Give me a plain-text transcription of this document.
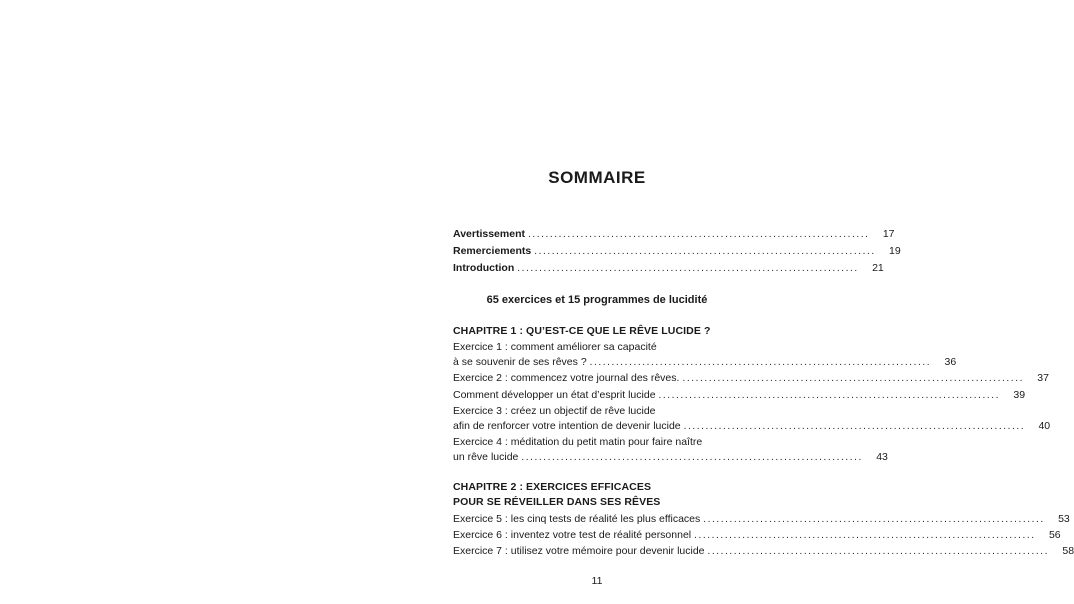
SOMMAIRE
Avertissement ..............................................................................	17
Remerciements ..............................................................................	19
Introduction ..............................................................................	21
65 exercices et 15 programmes de lucidité
CHAPITRE 1 : QU’EST-CE QUE LE RÊVE LUCIDE ?
Exercice 1 : comment améliorer sa capacité
à se souvenir de ses rêves ? ..............................................................................	36
Exercice 2 : commencez votre journal des rêves. ..............................................................................	37
Comment développer un état d’esprit lucide ..............................................................................	39
Exercice 3 : créez un objectif de rêve lucide
afin de renforcer votre intention de devenir lucide ..............................................................................	40
Exercice 4 : méditation du petit matin pour faire naître
un rêve lucide ..............................................................................	43
CHAPITRE 2 : EXERCICES EFFICACES
POUR SE RÉVEILLER DANS SES RÊVES
Exercice 5 : les cinq tests de réalité les plus efficaces ..............................................................................	53
Exercice 6 : inventez votre test de réalité personnel ..............................................................................	56
Exercice 7 : utilisez votre mémoire pour devenir lucide ..............................................................................	58
11
